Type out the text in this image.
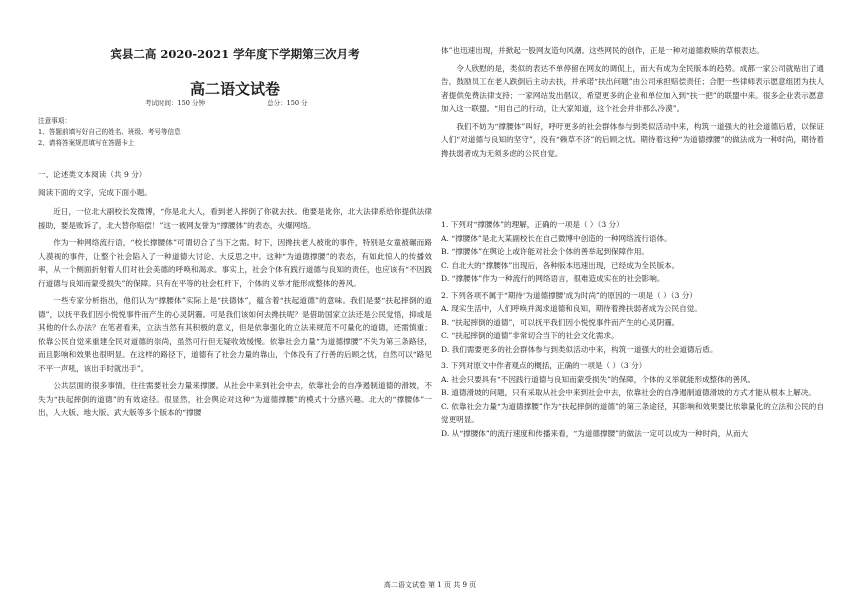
宾县二高 2020-2021 学年度下学期第三次月考
高二语文试卷
考试时间：150 分钟	总分：150 分

注意事项：

1、答题前填写好自己的姓名、班级、考号等信息

2、请将答案规范填写在答题卡上

一、论述类文本阅读（共 9 分）

阅读下面的文字，完成下面小题。

近日，一位北大副校长发微博，“你是北大人，看到老人摔倒了你就去扶。他要是讹你，北大法律系给你提供法律援助，要是败诉了，北大替你赔偿！”这一被网友誉为“撑腰体”的表态，火爆网络。

作为一种网络流行语，“校长撑腰体”可谓切合了当下之需。时下，因搀扶老人被讹的事件，特别是女童被碾而路人漠视的事件，让整个社会陷入了一种道德大讨论、大反思之中。这种“为道德撑腰”的表态，有如此惊人的传播效率，从一个侧面折射着人们对社会美德的呼唤和渴求。事实上，社会个体有践行道德与良知的责任，也应该有“不因践行道德与良知而蒙受损失”的保障。只有在平等的社会杠杆下，个体的义举才能形成整体的善风。

一些专家分析指出，他们认为“撑腰体”实际上是“扶德体”，蕴含着“扶起道德”的意味。我们是要“扶起摔倒的道德”，以抚平我们因小悦悦事件而产生的心灵阴霾。可是我们该如何去搀扶呢？是借助国家立法还是公民觉悟，抑或是其他的什么办法？在笔者看来，立法当然有其积极的意义，但是依靠强化的立法来规范不可量化的道德，还需慎重；依靠公民自觉来重建全民对道德的崇尚，虽然可行但无疑收效缓慢。依靠社会力量“为道德撑腰”不失为第三条路径，而且影响和效果也很明显。在这样的路径下，道德有了社会力量的靠山，个体没有了行善的后顾之忧，自然可以“路见不平一声吼，该出手时就出手”。

公共层面的很多事情，往往需要社会力量来撑腰。从社会中来到社会中去，依靠社会的自净遏制道德的滑坡，不失为“扶起摔倒的道德”的有效途径。很显然，社会舆论对这种“为道德撑腰”的模式十分感兴趣。北大的“撑腰体”一出，人大版、地大版、武大版等多个版本的“撑腰

体”也迅速出现，并掀起一股网友造句风潮。这些网民的创作，正是一种对道德救赎的草根表达。

令人欣慰的是，类似的表达不单停留在网友的调侃上，而大有成为全民版本的趋势。成都一家公司就贴出了通告，鼓励员工在老人跌倒后主动去扶，并承诺“扶出问题”由公司承担赔偿责任；合肥一些律师表示愿意组团为扶人者提供免费法律支持；一家网站发出倡议，希望更多的企业和单位加入到“扶一把”的联盟中来。很多企业表示愿意加入这一联盟。“用自己的行动，让大家知道，这个社会并非那么冷漠”。

我们不妨为“撑腰体”叫好，呼吁更多的社会群体参与到类似活动中来，构筑一道强大的社会道德后盾，以保证人们“对道德与良知的坚守”，没有“赖草不济”的后顾之忧。期待着这种“为道德撑腰”的做法成为一种时尚，期待着搀扶弱者成为无须多虑的公民自觉。

1. 下列对“撑腰体”的理解，正确的一项是（ ）（3 分）

A. “撑腰体”是北大某副校长在自己微博中创造的一种网络流行语体。

B. “撑腰体”在舆论上或许能对社会个体的善举起到保障作用。

C. 自北大的“撑腰体”出现后，各种版本迅速出现，已经成为全民版本。

D. “撑腰体”作为一种流行的网络语言，很难造成实在的社会影响。

2. 下列各项不属于“期待‘为道德撑腰’成为时尚”的原因的一项是（ ）（3 分）

A. 现实生活中，人们呼唤并渴求道德和良知，期待着搀扶弱者成为公民自觉。

B. “扶起摔倒的道德”，可以抚平我们因小悦悦事件而产生的心灵阴霾。

C. “扶起摔倒的道德”非常切合当下的社会文化需求。

D. 我们需要更多的社会群体参与到类似活动中来，构筑一道强大的社会道德后盾。

3. 下列对原文中作者观点的概括，正确的一项是（ ）（3 分）

A. 社会只要具有“不因践行道德与良知而蒙受损失”的保障，个体的义举就能形成整体的善风。

B. 道德滑坡的问题，只有采取从社会中来到社会中去，依靠社会的自净遏制道德滑坡的方式才能从根本上解决。

C. 依靠社会力量“为道德撑腰”作为“扶起摔倒的道德”的第三条途径，其影响和效果要比依靠量化的立法和公民的自觉更明显。

D. 从“撑腰体”的流行速度和传播来看，“为道德撑腰”的做法一定可以成为一种时尚，从而大

高二语文试卷 第 1 页 共 9 页
